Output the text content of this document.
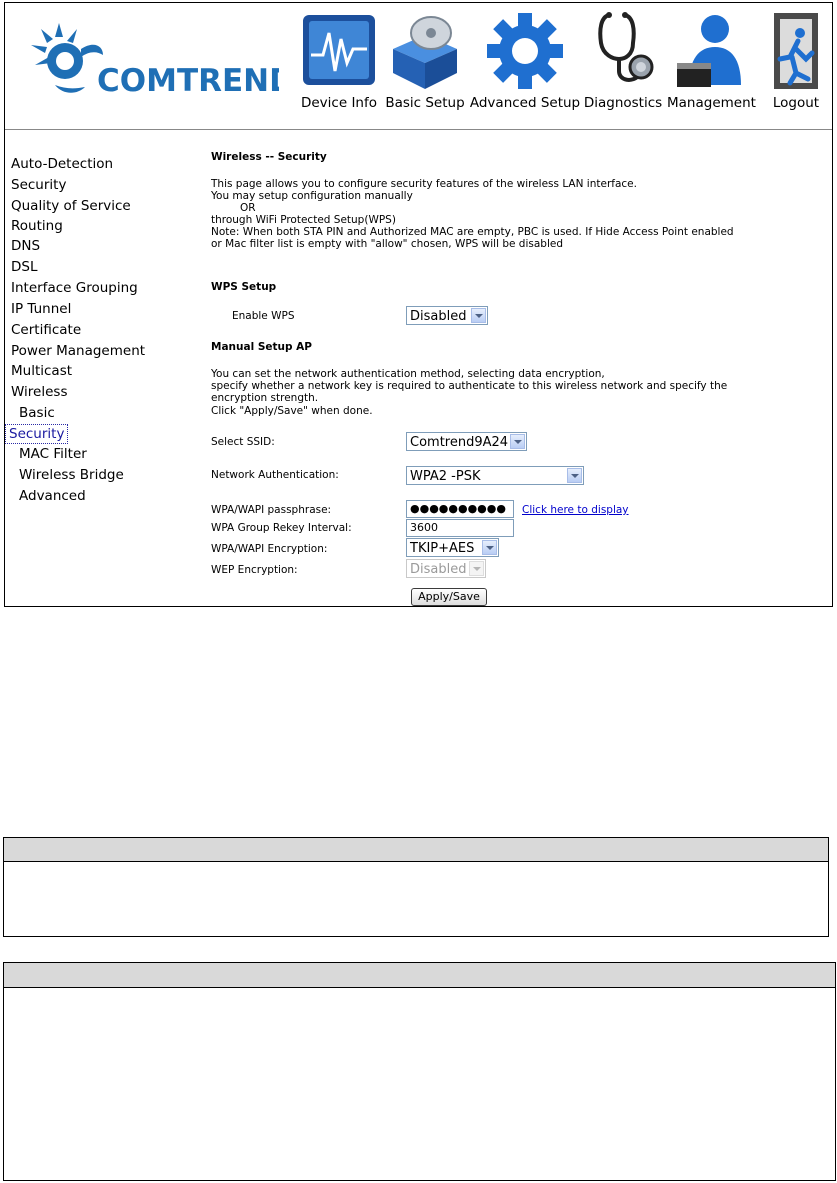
COMTREND
Device Info Basic Setup Advanced Setup Diagnostics Management	Logout
Auto-Detection
Security
Quality of Service
Routing
DNS
DSL
Interface Grouping
IP Tunnel
Certificate
Power Management
Multicast
Wireless
Basic
Security
MAC Filter
Wireless Bridge
Advanced
Wireless -- Security
This page allows you to configure security features of the wireless LAN interface.
You may setup configuration manually
OR
through WiFi Protected Setup(WPS)
Note: When both STA PIN and Authorized MAC are empty, PBC is used. If Hide Access Point enabled
or Mac filter list is empty with "allow" chosen, WPS will be disabled
WPS Setup
Enable WPS	Disabled
Manual Setup AP
You can set the network authentication method, selecting data encryption,
specify whether a network key is required to authenticate to this wireless network and specify the
encryption strength.
Click "Apply/Save" when done.
Select SSID:	Comtrend9A24
Network Authentication:	WPA2 -PSK
WPA/WAPI passphrase:	●●●●●●●●●●	Click here to display
WPA Group Rekey Interval:	3600
WPA/WAPI Encryption:	TKIP+AES
WEP Encryption:	Disabled
Apply/Save
